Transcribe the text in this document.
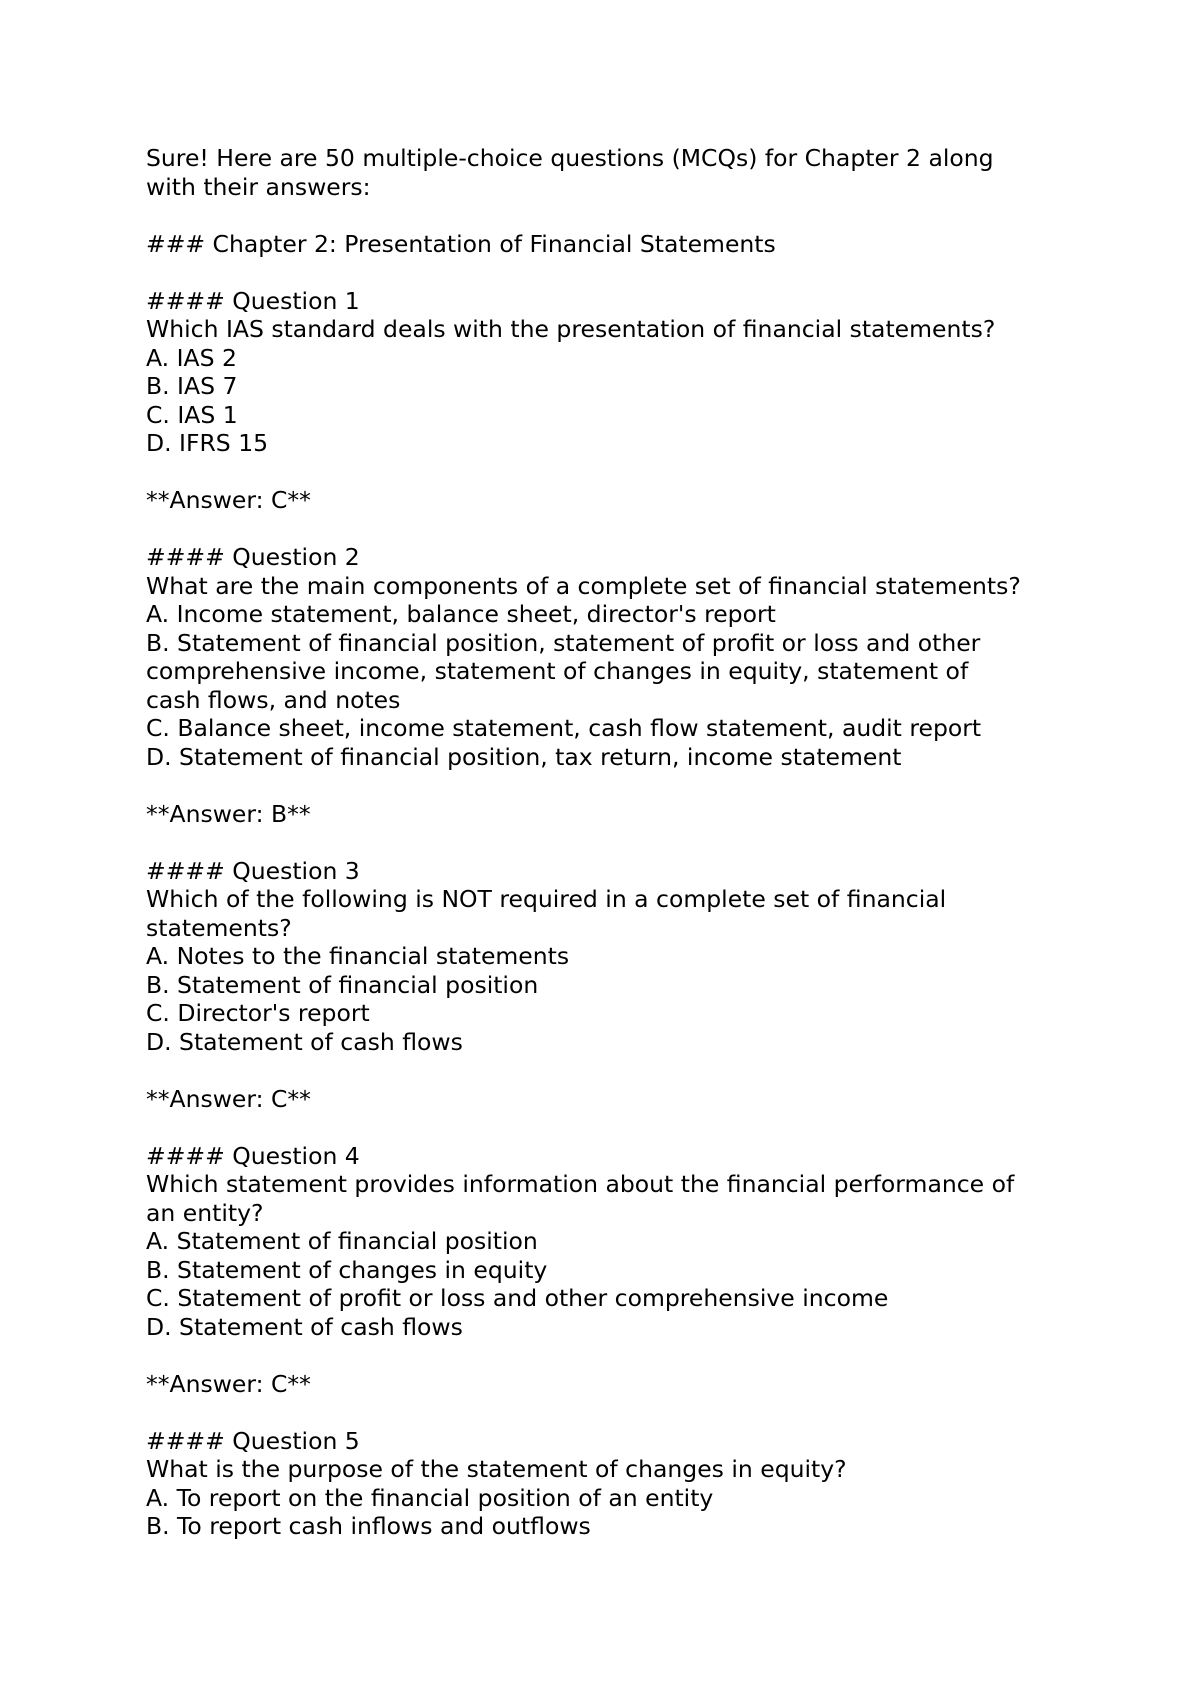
Sure! Here are 50 multiple-choice questions (MCQs) for Chapter 2 along
with their answers:
### Chapter 2: Presentation of Financial Statements
#### Question 1
Which IAS standard deals with the presentation of financial statements?
A. IAS 2
B. IAS 7
C. IAS 1
D. IFRS 15
**Answer: C**
#### Question 2
What are the main components of a complete set of financial statements?
A. Income statement, balance sheet, director's report
B. Statement of financial position, statement of profit or loss and other
comprehensive income, statement of changes in equity, statement of
cash flows, and notes
C. Balance sheet, income statement, cash flow statement, audit report
D. Statement of financial position, tax return, income statement
**Answer: B**
#### Question 3
Which of the following is NOT required in a complete set of financial
statements?
A. Notes to the financial statements
B. Statement of financial position
C. Director's report
D. Statement of cash flows
**Answer: C**
#### Question 4
Which statement provides information about the financial performance of
an entity?
A. Statement of financial position
B. Statement of changes in equity
C. Statement of profit or loss and other comprehensive income
D. Statement of cash flows
**Answer: C**
#### Question 5
What is the purpose of the statement of changes in equity?
A. To report on the financial position of an entity
B. To report cash inflows and outflows
